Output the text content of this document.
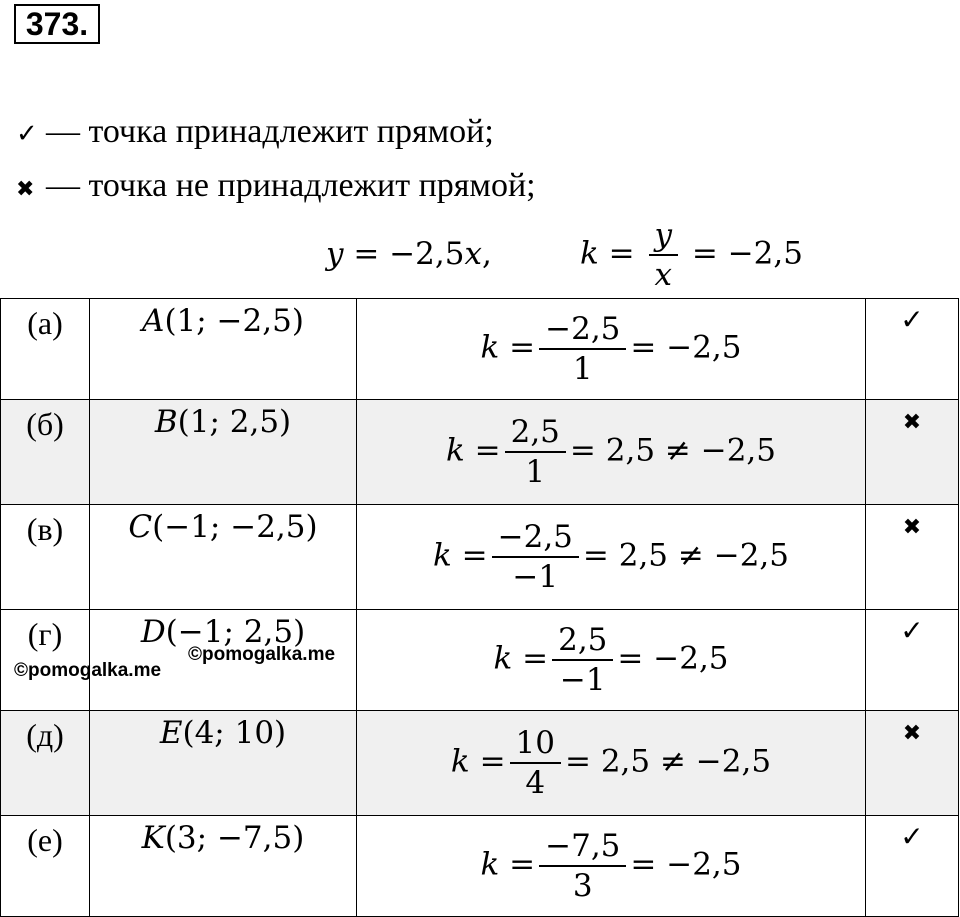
373.
✓ — точка принадлежит прямой;
✖ — точка не принадлежит прямой;
y = −2,5x,	$k = \frac{y}{x} = -2,5$
(а)	A(1; −2,5)	$k = \frac{-2,5}{1} = -2,5$	✓
(б)	B(1; 2,5)	$k = \frac{2,5}{1} = 2,5 \ne -2,5$	✖
(в)	C(−1; −2,5)	$k = \frac{-2,5}{-1} = 2,5 \ne -2,5$	✖
(г)	D(−1; 2,5)	$k = \frac{2,5}{-1} = -2,5$	✓
(д)	E(4; 10)	$k = \frac{10}{4} = 2,5 \ne -2,5$	✖
(е)	K(3; −7,5)	$k = \frac{-7,5}{3} = -2,5$	✓
©pomogalka.me
©pomogalka.me
